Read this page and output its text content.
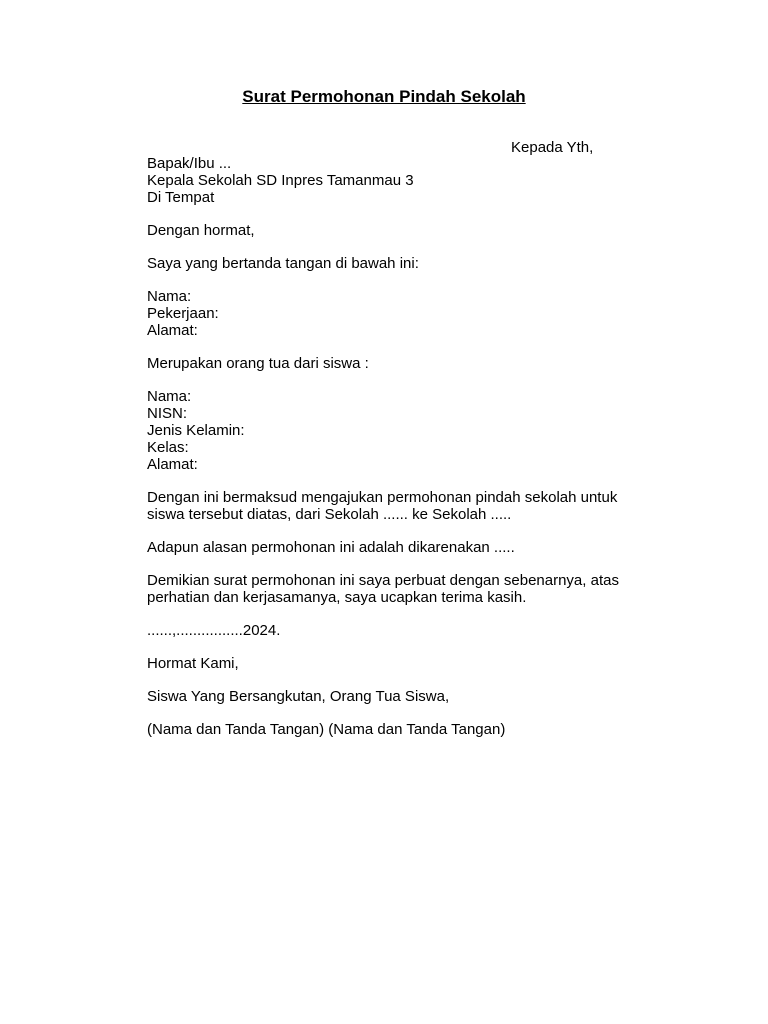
Surat Permohonan Pindah Sekolah
Kepada Yth,
Bapak/Ibu ...
Kepala Sekolah SD Inpres Tamanmau 3
Di Tempat
Dengan hormat,
Saya yang bertanda tangan di bawah ini:
Nama:
Pekerjaan:
Alamat:
Merupakan orang tua dari siswa :
Nama:
NISN:
Jenis Kelamin:
Kelas:
Alamat:
Dengan ini bermaksud mengajukan permohonan pindah sekolah untuk
siswa tersebut diatas, dari Sekolah ...... ke Sekolah .....
Adapun alasan permohonan ini adalah dikarenakan .....
Demikian surat permohonan ini saya perbuat dengan sebenarnya, atas
perhatian dan kerjasamanya, saya ucapkan terima kasih.
......,................2024.
Hormat Kami,
Siswa Yang Bersangkutan, Orang Tua Siswa,
(Nama dan Tanda Tangan) (Nama dan Tanda Tangan)
